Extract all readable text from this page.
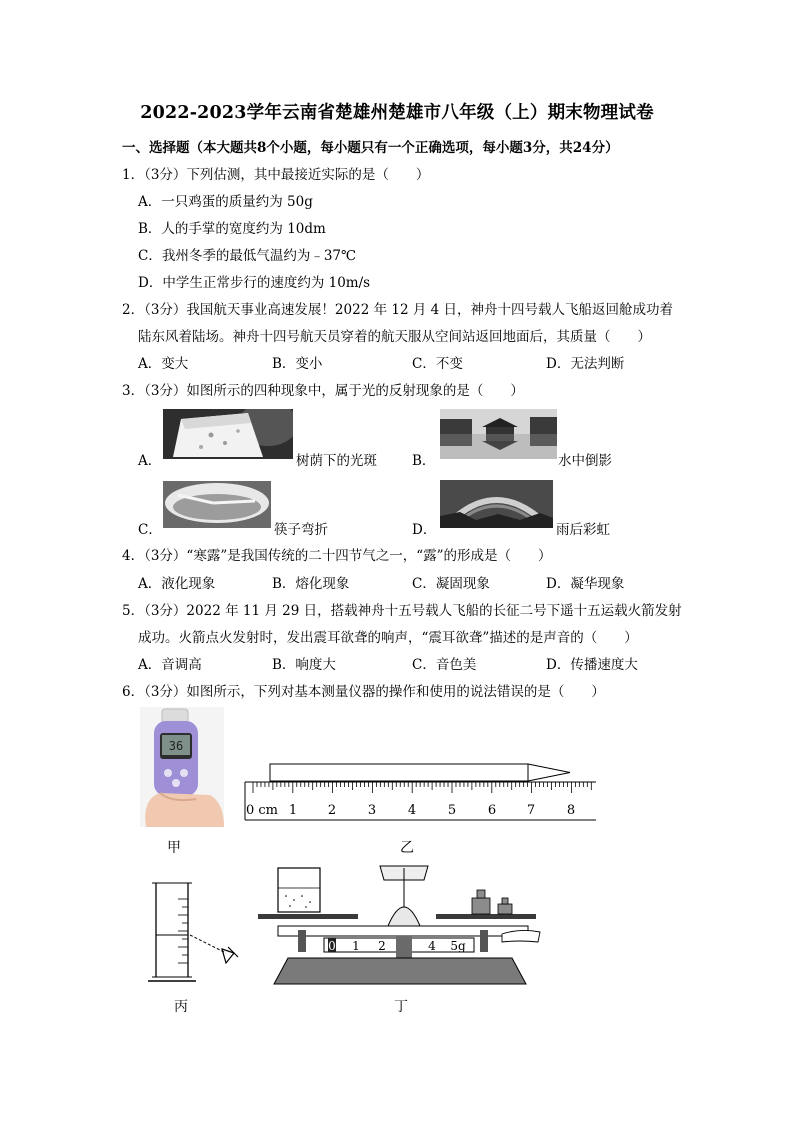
2022-2023学年云南省楚雄州楚雄市八年级（上）期末物理试卷
一、选择题（本大题共8个小题，每小题只有一个正确选项，每小题3分，共24分）
1．（3分）下列估测，其中最接近实际的是（　　）
A．一只鸡蛋的质量约为 50g
B．人的手掌的宽度约为 10dm
C．我州冬季的最低气温约为﹣37℃
D．中学生正常步行的速度约为 10m/s
2．（3分）我国航天事业高速发展！2022 年 12 月 4 日，神舟十四号载人飞船返回舱成功着
陆东风着陆场。神舟十四号航天员穿着的航天服从空间站返回地面后，其质量（　　）
A．变大	B．变小	C．不变	D．无法判断
3．（3分）如图所示的四种现象中，属于光的反射现象的是（　　）
A．	树荫下的光斑	B．	水中倒影
C．	筷子弯折	D．	雨后彩虹
4．（3分）“寒露”是我国传统的二十四节气之一，“露”的形成是（　　）
A．液化现象	B．熔化现象	C．凝固现象	D．凝华现象
5．（3分）2022 年 11 月 29 日，搭载神舟十五号载人飞船的长征二号下遥十五运载火箭发射
成功。火箭点火发射时，发出震耳欲聋的响声，“震耳欲聋”描述的是声音的（　　）
A．音调高	B．响度大	C．音色美	D．传播速度大
6．（3分）如图所示，下列对基本测量仪器的操作和使用的说法错误的是（　　）
36
甲
0 cm 1 2 3 4 5 6 7 8
乙
丙
0 1 2	4 5g
丁
